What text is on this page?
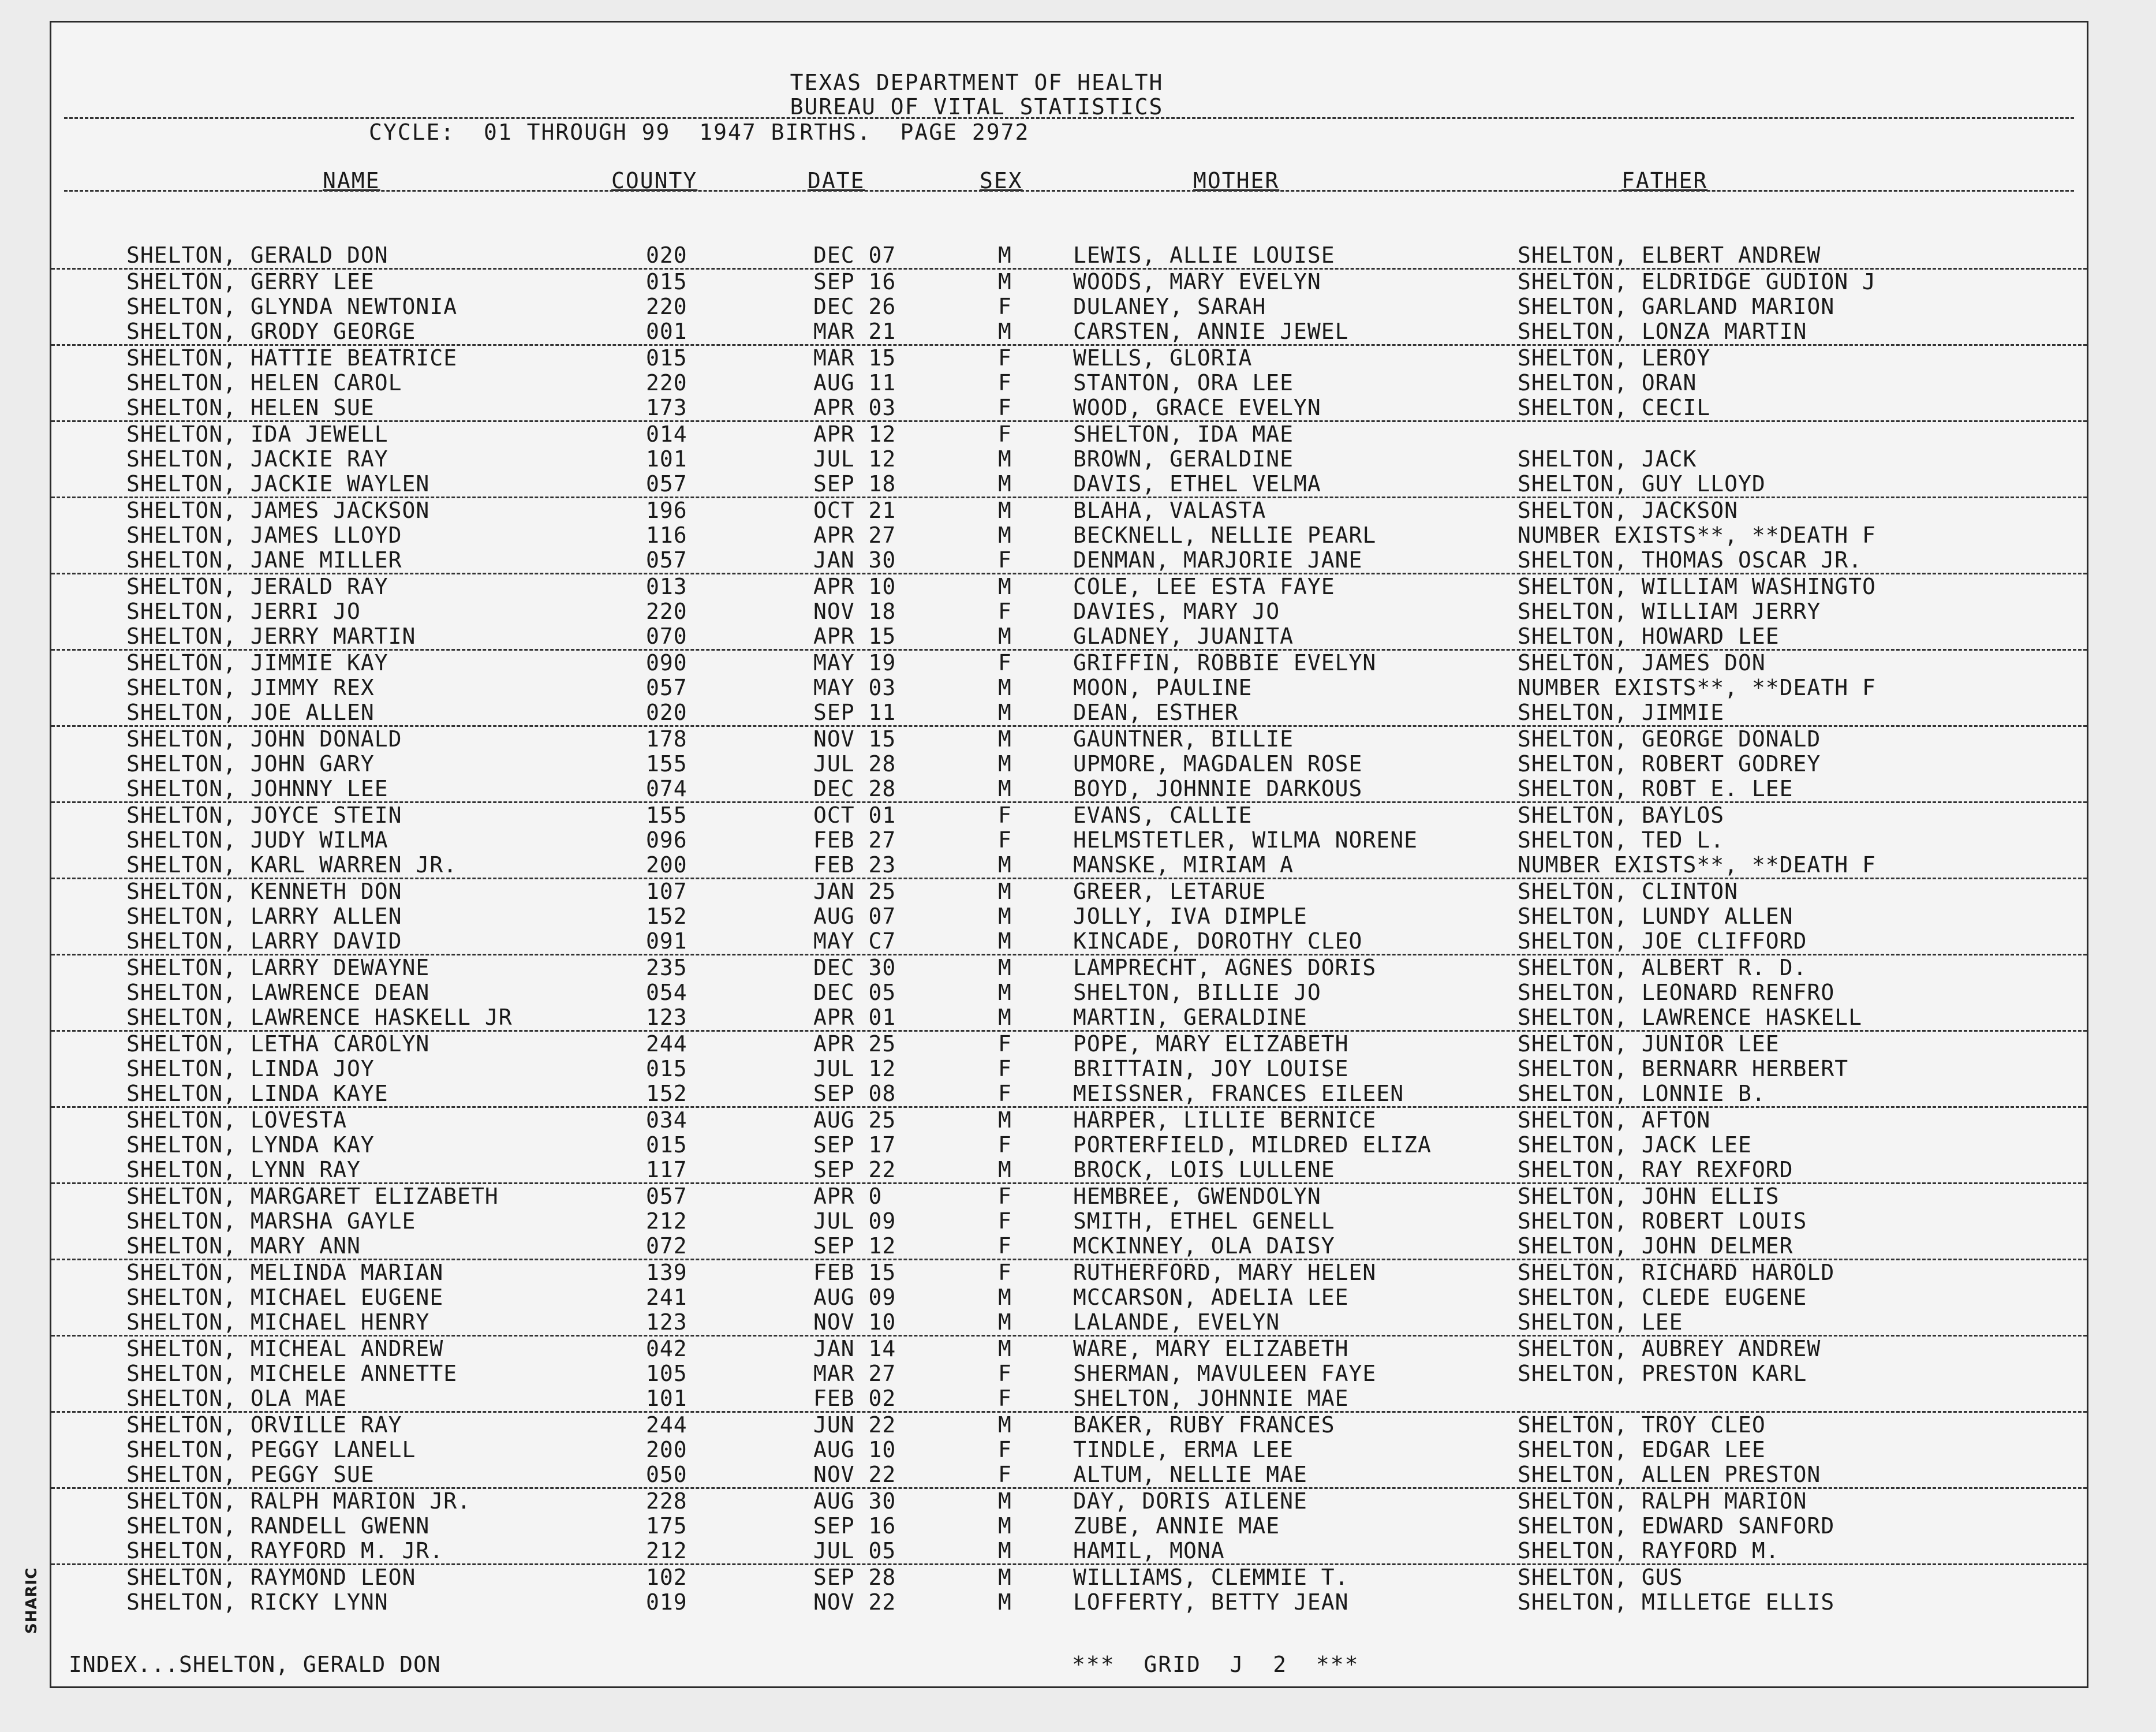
TEXAS DEPARTMENT OF HEALTH
BUREAU OF VITAL STATISTICS
CYCLE:  01 THROUGH 99  1947 BIRTHS.  PAGE 2972
NAME	COUNTY	DATE	SEX	MOTHER	FATHER
SHELTON, GERALD DON	020	DEC 07	M	LEWIS, ALLIE LOUISE	SHELTON, ELBERT ANDREW
SHELTON, GERRY LEE	015	SEP 16	M	WOODS, MARY EVELYN	SHELTON, ELDRIDGE GUDION J
SHELTON, GLYNDA NEWTONIA	220	DEC 26	F	DULANEY, SARAH	SHELTON, GARLAND MARION
SHELTON, GRODY GEORGE	001	MAR 21	M	CARSTEN, ANNIE JEWEL	SHELTON, LONZA MARTIN
SHELTON, HATTIE BEATRICE	015	MAR 15	F	WELLS, GLORIA	SHELTON, LEROY
SHELTON, HELEN CAROL	220	AUG 11	F	STANTON, ORA LEE	SHELTON, ORAN
SHELTON, HELEN SUE	173	APR 03	F	WOOD, GRACE EVELYN	SHELTON, CECIL
SHELTON, IDA JEWELL	014	APR 12	F	SHELTON, IDA MAE
SHELTON, JACKIE RAY	101	JUL 12	M	BROWN, GERALDINE	SHELTON, JACK
SHELTON, JACKIE WAYLEN	057	SEP 18	M	DAVIS, ETHEL VELMA	SHELTON, GUY LLOYD
SHELTON, JAMES JACKSON	196	OCT 21	M	BLAHA, VALASTA	SHELTON, JACKSON
SHELTON, JAMES LLOYD	116	APR 27	M	BECKNELL, NELLIE PEARL	NUMBER EXISTS**, **DEATH F
SHELTON, JANE MILLER	057	JAN 30	F	DENMAN, MARJORIE JANE	SHELTON, THOMAS OSCAR JR.
SHELTON, JERALD RAY	013	APR 10	M	COLE, LEE ESTA FAYE	SHELTON, WILLIAM WASHINGTO
SHELTON, JERRI JO	220	NOV 18	F	DAVIES, MARY JO	SHELTON, WILLIAM JERRY
SHELTON, JERRY MARTIN	070	APR 15	M	GLADNEY, JUANITA	SHELTON, HOWARD LEE
SHELTON, JIMMIE KAY	090	MAY 19	F	GRIFFIN, ROBBIE EVELYN	SHELTON, JAMES DON
SHELTON, JIMMY REX	057	MAY 03	M	MOON, PAULINE	NUMBER EXISTS**, **DEATH F
SHELTON, JOE ALLEN	020	SEP 11	M	DEAN, ESTHER	SHELTON, JIMMIE
SHELTON, JOHN DONALD	178	NOV 15	M	GAUNTNER, BILLIE	SHELTON, GEORGE DONALD
SHELTON, JOHN GARY	155	JUL 28	M	UPMORE, MAGDALEN ROSE	SHELTON, ROBERT GODREY
SHELTON, JOHNNY LEE	074	DEC 28	M	BOYD, JOHNNIE DARKOUS	SHELTON, ROBT E. LEE
SHELTON, JOYCE STEIN	155	OCT 01	F	EVANS, CALLIE	SHELTON, BAYLOS
SHELTON, JUDY WILMA	096	FEB 27	F	HELMSTETLER, WILMA NORENE	SHELTON, TED L.
SHELTON, KARL WARREN JR.	200	FEB 23	M	MANSKE, MIRIAM A	NUMBER EXISTS**, **DEATH F
SHELTON, KENNETH DON	107	JAN 25	M	GREER, LETARUE	SHELTON, CLINTON
SHELTON, LARRY ALLEN	152	AUG 07	M	JOLLY, IVA DIMPLE	SHELTON, LUNDY ALLEN
SHELTON, LARRY DAVID	091	MAY C7	M	KINCADE, DOROTHY CLEO	SHELTON, JOE CLIFFORD
SHELTON, LARRY DEWAYNE	235	DEC 30	M	LAMPRECHT, AGNES DORIS	SHELTON, ALBERT R. D.
SHELTON, LAWRENCE DEAN	054	DEC 05	M	SHELTON, BILLIE JO	SHELTON, LEONARD RENFRO
SHELTON, LAWRENCE HASKELL JR	123	APR 01	M	MARTIN, GERALDINE	SHELTON, LAWRENCE HASKELL
SHELTON, LETHA CAROLYN	244	APR 25	F	POPE, MARY ELIZABETH	SHELTON, JUNIOR LEE
SHELTON, LINDA JOY	015	JUL 12	F	BRITTAIN, JOY LOUISE	SHELTON, BERNARR HERBERT
SHELTON, LINDA KAYE	152	SEP 08	F	MEISSNER, FRANCES EILEEN	SHELTON, LONNIE B.
SHELTON, LOVESTA	034	AUG 25	M	HARPER, LILLIE BERNICE	SHELTON, AFTON
SHELTON, LYNDA KAY	015	SEP 17	F	PORTERFIELD, MILDRED ELIZA	SHELTON, JACK LEE
SHELTON, LYNN RAY	117	SEP 22	M	BROCK, LOIS LULLENE	SHELTON, RAY REXFORD
SHELTON, MARGARET ELIZABETH	057	APR 0	F	HEMBREE, GWENDOLYN	SHELTON, JOHN ELLIS
SHELTON, MARSHA GAYLE	212	JUL 09	F	SMITH, ETHEL GENELL	SHELTON, ROBERT LOUIS
SHELTON, MARY ANN	072	SEP 12	F	MCKINNEY, OLA DAISY	SHELTON, JOHN DELMER
SHELTON, MELINDA MARIAN	139	FEB 15	F	RUTHERFORD, MARY HELEN	SHELTON, RICHARD HAROLD
SHELTON, MICHAEL EUGENE	241	AUG 09	M	MCCARSON, ADELIA LEE	SHELTON, CLEDE EUGENE
SHELTON, MICHAEL HENRY	123	NOV 10	M	LALANDE, EVELYN	SHELTON, LEE
SHELTON, MICHEAL ANDREW	042	JAN 14	M	WARE, MARY ELIZABETH	SHELTON, AUBREY ANDREW
SHELTON, MICHELE ANNETTE	105	MAR 27	F	SHERMAN, MAVULEEN FAYE	SHELTON, PRESTON KARL
SHELTON, OLA MAE	101	FEB 02	F	SHELTON, JOHNNIE MAE
SHELTON, ORVILLE RAY	244	JUN 22	M	BAKER, RUBY FRANCES	SHELTON, TROY CLEO
SHELTON, PEGGY LANELL	200	AUG 10	F	TINDLE, ERMA LEE	SHELTON, EDGAR LEE
SHELTON, PEGGY SUE	050	NOV 22	F	ALTUM, NELLIE MAE	SHELTON, ALLEN PRESTON
SHELTON, RALPH MARION JR.	228	AUG 30	M	DAY, DORIS AILENE	SHELTON, RALPH MARION
SHELTON, RANDELL GWENN	175	SEP 16	M	ZUBE, ANNIE MAE	SHELTON, EDWARD SANFORD
SHELTON, RAYFORD M. JR.	212	JUL 05	M	HAMIL, MONA	SHELTON, RAYFORD M.
SHELTON, RAYMOND LEON	102	SEP 28	M	WILLIAMS, CLEMMIE T.	SHELTON, GUS
SHELTON, RICKY LYNN	019	NOV 22	M	LOFFERTY, BETTY JEAN	SHELTON, MILLETGE ELLIS
INDEX...SHELTON, GERALD DON	***  GRID  J  2  ***
SHARIC
